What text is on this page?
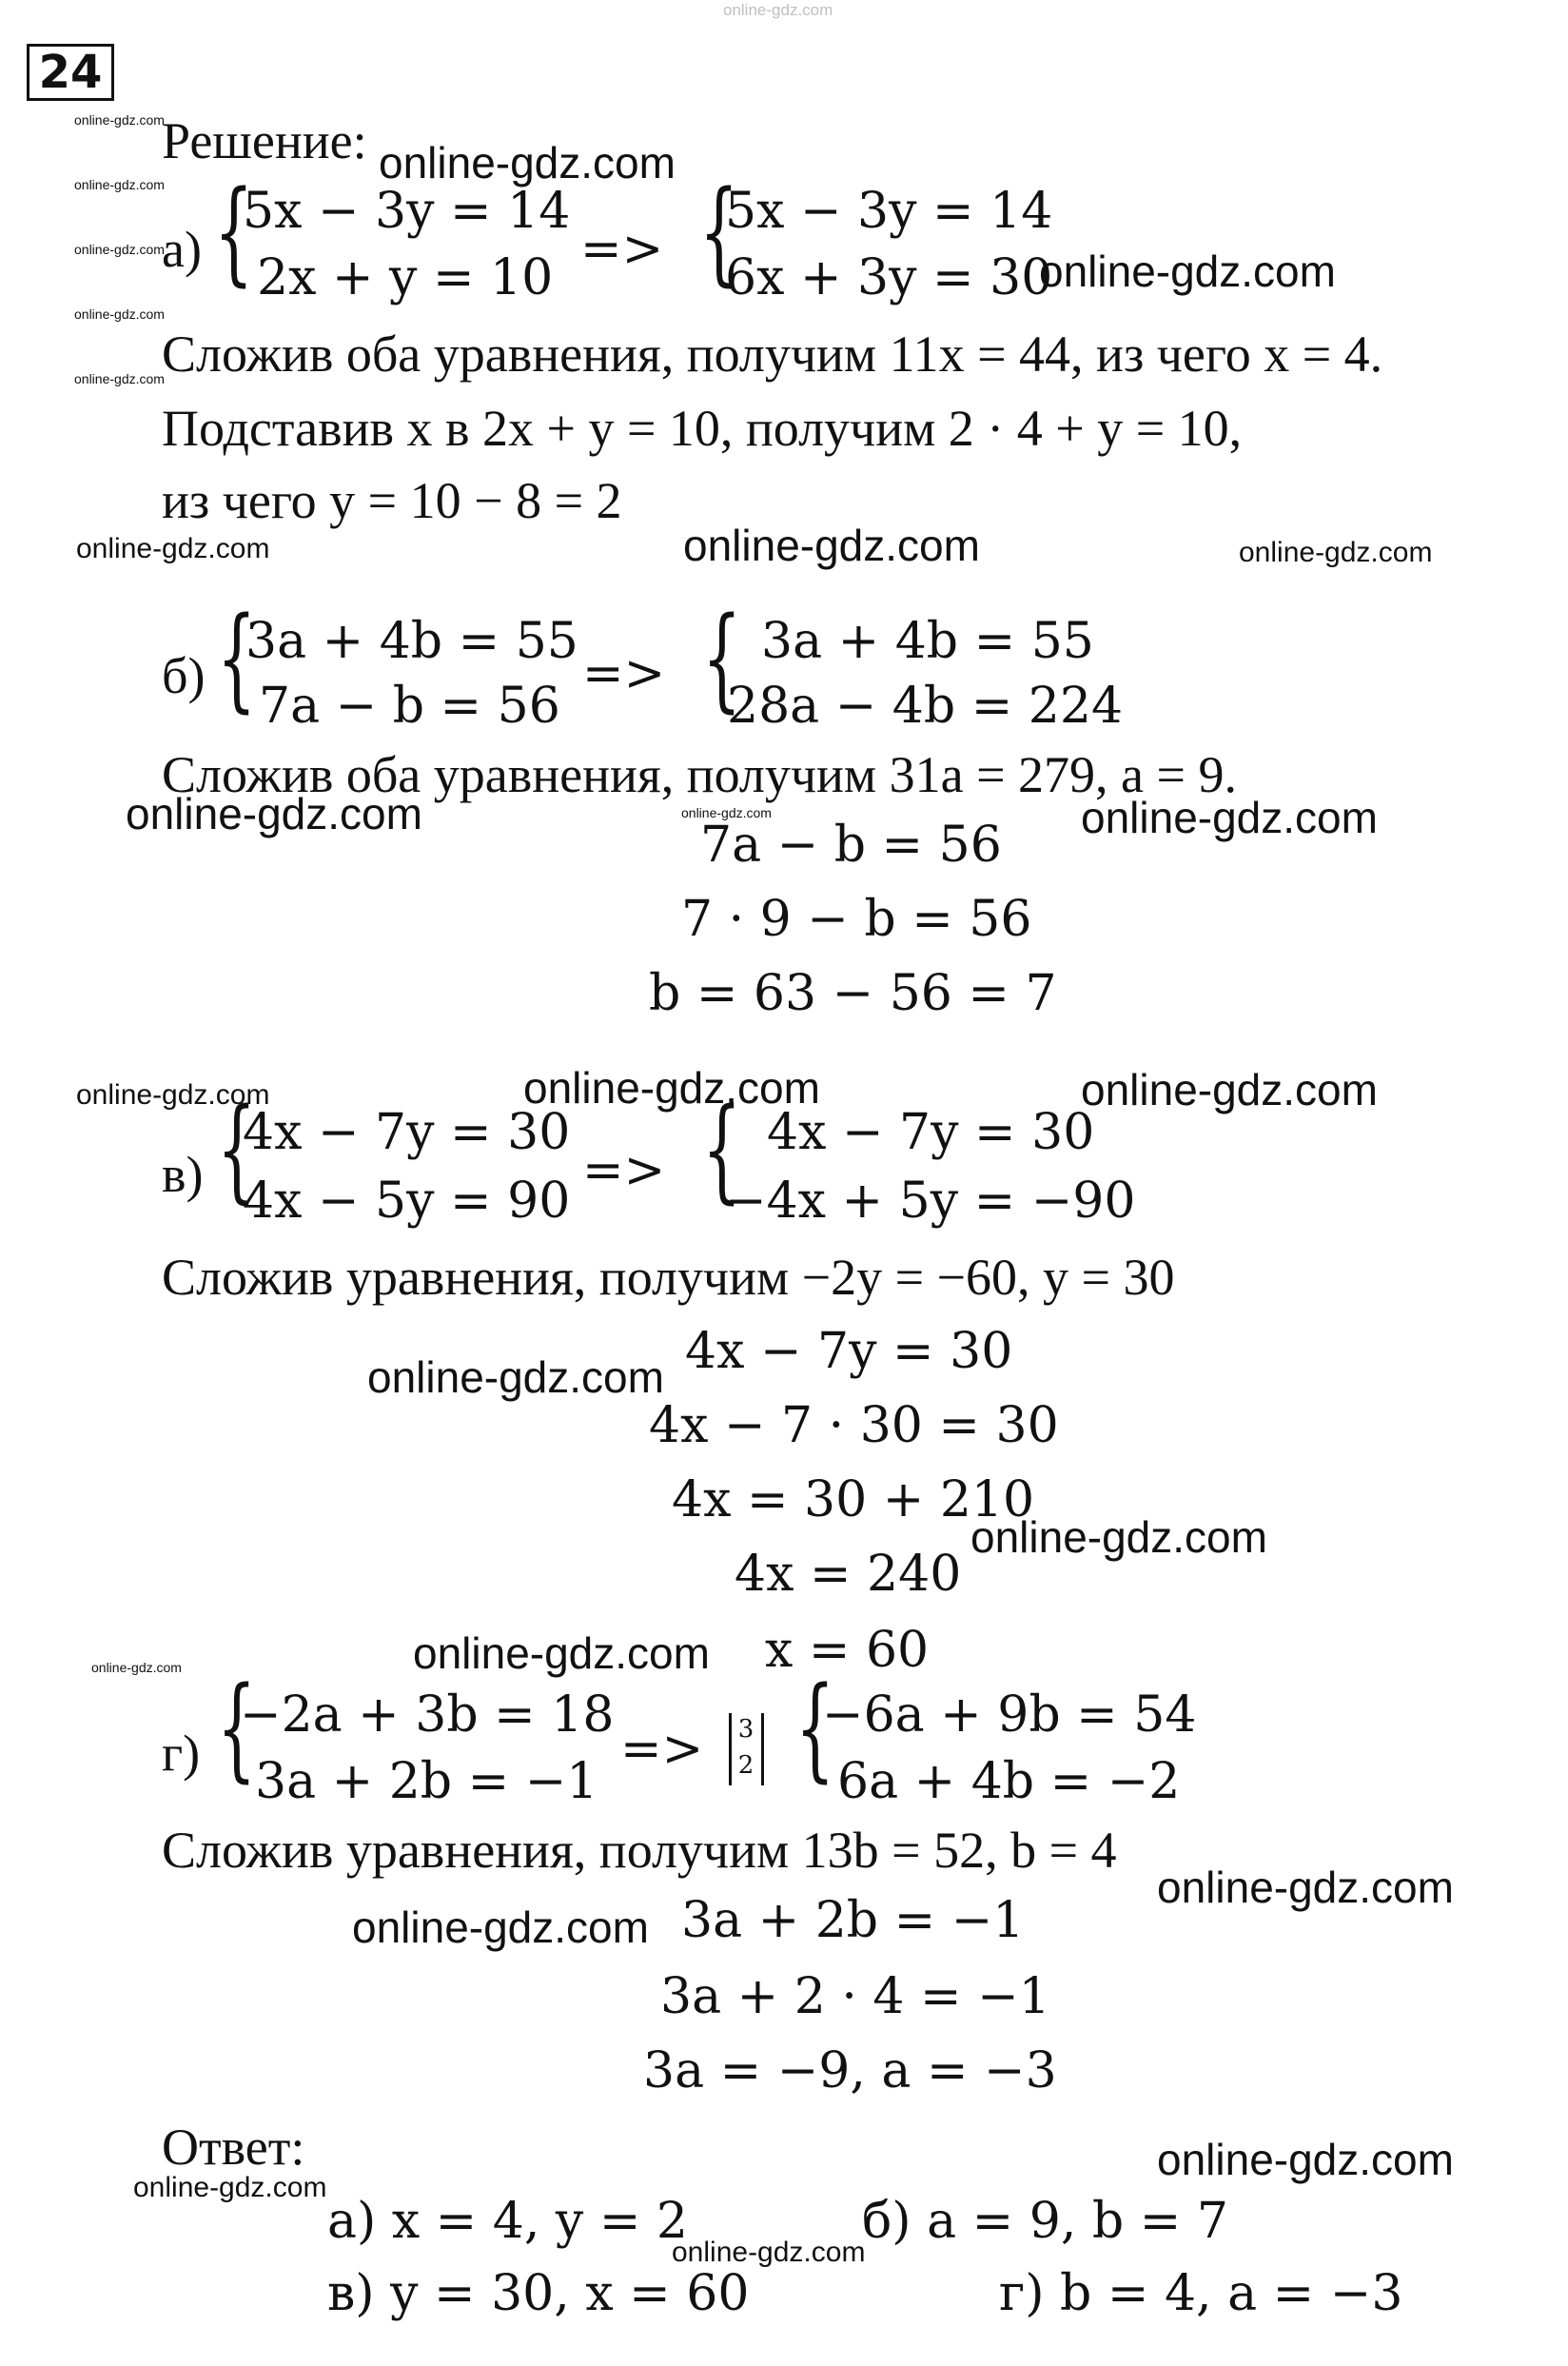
online-gdz.com
24
online-gdz.com
online-gdz.com
online-gdz.com
online-gdz.com
online-gdz.com
Решение: online-gdz.com
а) {
5x − 3y = 14
2x + y = 10 => {
5x − 3y = 14
6x + 3y = 30
online-gdz.com
Сложив оба уравнения, получим 11x = 44, из чего x = 4.
Подставив x в 2x + y = 10, получим 2 · 4 + y = 10,
из чего y = 10 − 8 = 2
online-gdz.com	online-gdz.com	online-gdz.com
б) {
3a + 4b = 55
7a − b = 56
=> { 3a + 4b = 55
28a − 4b = 224
Сложив оба уравнения, получим 31a = 279, a = 9.
online-gdz.com	online-gdz.com	online-gdz.com
7a − b = 56
7 · 9 − b = 56
b = 63 − 56 = 7
online-gdz.com	online-gdz.com	online-gdz.com
в) {
4x − 7y = 30
4x − 5y = 90
=> { 4x − 7y = 30
−4x + 5y = −90
Сложив уравнения, получим −2y = −60, y = 30
4x − 7y = 30
online-gdz.com
4x − 7 · 30 = 30
4x = 30 + 210
online-gdz.com
4x = 240
online-gdz.com	online-gdz.com x = 60
г) {
−2a + 3b = 18
3a + 2b = −1
=> 3
2 {
−6a + 9b = 54
6a + 4b = −2
Сложив уравнения, получим 13b = 52, b = 4
online-gdz.com
online-gdz.com 3a + 2b = −1
3a + 2 · 4 = −1
3a = −9, a = −3
Ответ:	online-gdz.com
online-gdz.com
а) x = 4, y = 2	б) a = 9, b = 7
online-gdz.com
в) y = 30, x = 60	г) b = 4, a = −3
